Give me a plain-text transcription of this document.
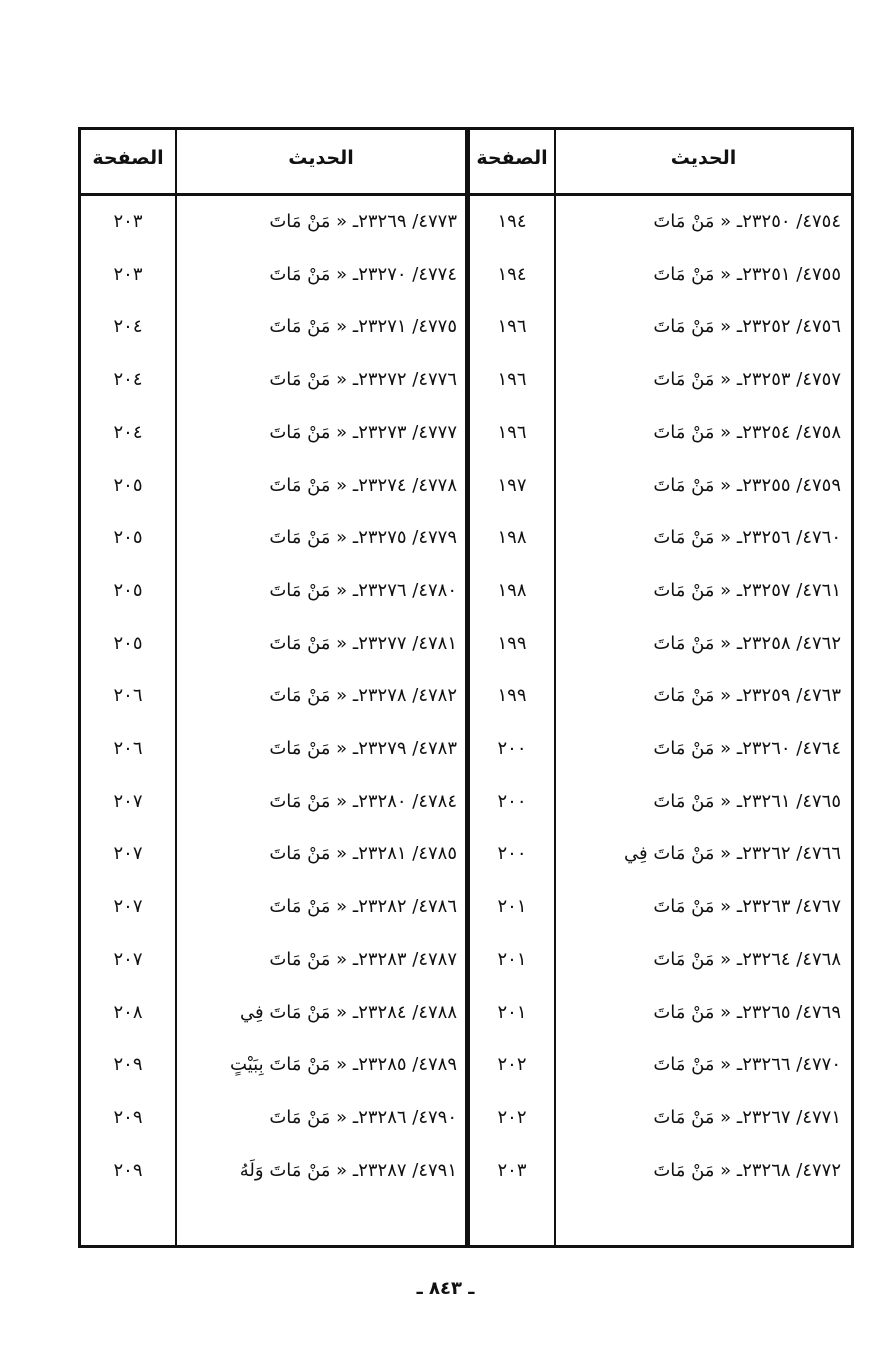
الصفحة	الحديث	الصفحة	الحديث
٢٠٣	٤٧٧٣/ ٢٣٢٦٩ـ « مَنْ مَاتَ	١٩٤	٤٧٥٤/ ٢٣٢٥٠ـ « مَنْ مَاتَ
٢٠٣	٤٧٧٤/ ٢٣٢٧٠ـ « مَنْ مَاتَ	١٩٤	٤٧٥٥/ ٢٣٢٥١ـ « مَنْ مَاتَ
٢٠٤	٤٧٧٥/ ٢٣٢٧١ـ « مَنْ مَاتَ	١٩٦	٤٧٥٦/ ٢٣٢٥٢ـ « مَنْ مَاتَ
٢٠٤	٤٧٧٦/ ٢٣٢٧٢ـ « مَنْ مَاتَ	١٩٦	٤٧٥٧/ ٢٣٢٥٣ـ « مَنْ مَاتَ
٢٠٤	٤٧٧٧/ ٢٣٢٧٣ـ « مَنْ مَاتَ	١٩٦	٤٧٥٨/ ٢٣٢٥٤ـ « مَنْ مَاتَ
٢٠٥	٤٧٧٨/ ٢٣٢٧٤ـ « مَنْ مَاتَ	١٩٧	٤٧٥٩/ ٢٣٢٥٥ـ « مَنْ مَاتَ
٢٠٥	٤٧٧٩/ ٢٣٢٧٥ـ « مَنْ مَاتَ	١٩٨	٤٧٦٠/ ٢٣٢٥٦ـ « مَنْ مَاتَ
٢٠٥	٤٧٨٠/ ٢٣٢٧٦ـ « مَنْ مَاتَ	١٩٨	٤٧٦١/ ٢٣٢٥٧ـ « مَنْ مَاتَ
٢٠٥	٤٧٨١/ ٢٣٢٧٧ـ « مَنْ مَاتَ	١٩٩	٤٧٦٢/ ٢٣٢٥٨ـ « مَنْ مَاتَ
٢٠٦	٤٧٨٢/ ٢٣٢٧٨ـ « مَنْ مَاتَ	١٩٩	٤٧٦٣/ ٢٣٢٥٩ـ « مَنْ مَاتَ
٢٠٦	٤٧٨٣/ ٢٣٢٧٩ـ « مَنْ مَاتَ	٢٠٠	٤٧٦٤/ ٢٣٢٦٠ـ « مَنْ مَاتَ
٢٠٧	٤٧٨٤/ ٢٣٢٨٠ـ « مَنْ مَاتَ	٢٠٠	٤٧٦٥/ ٢٣٢٦١ـ « مَنْ مَاتَ
٢٠٧	٤٧٨٥/ ٢٣٢٨١ـ « مَنْ مَاتَ	٢٠٠	٤٧٦٦/ ٢٣٢٦٢ـ « مَنْ مَاتَ فِي
٢٠٧	٤٧٨٦/ ٢٣٢٨٢ـ « مَنْ مَاتَ	٢٠١	٤٧٦٧/ ٢٣٢٦٣ـ « مَنْ مَاتَ
٢٠٧	٤٧٨٧/ ٢٣٢٨٣ـ « مَنْ مَاتَ	٢٠١	٤٧٦٨/ ٢٣٢٦٤ـ « مَنْ مَاتَ
٢٠٨	٤٧٨٨/ ٢٣٢٨٤ـ « مَنْ مَاتَ فِي	٢٠١	٤٧٦٩/ ٢٣٢٦٥ـ « مَنْ مَاتَ
٢٠٩	٤٧٨٩/ ٢٣٢٨٥ـ « مَنْ مَاتَ بِبَيْتٍ	٢٠٢	٤٧٧٠/ ٢٣٢٦٦ـ « مَنْ مَاتَ
٢٠٩	٤٧٩٠/ ٢٣٢٨٦ـ « مَنْ مَاتَ	٢٠٢	٤٧٧١/ ٢٣٢٦٧ـ « مَنْ مَاتَ
٢٠٩	٤٧٩١/ ٢٣٢٨٧ـ « مَنْ مَاتَ وَلَهُ	٢٠٣	٤٧٧٢/ ٢٣٢٦٨ـ « مَنْ مَاتَ
ـ ٨٤٣ ـ
